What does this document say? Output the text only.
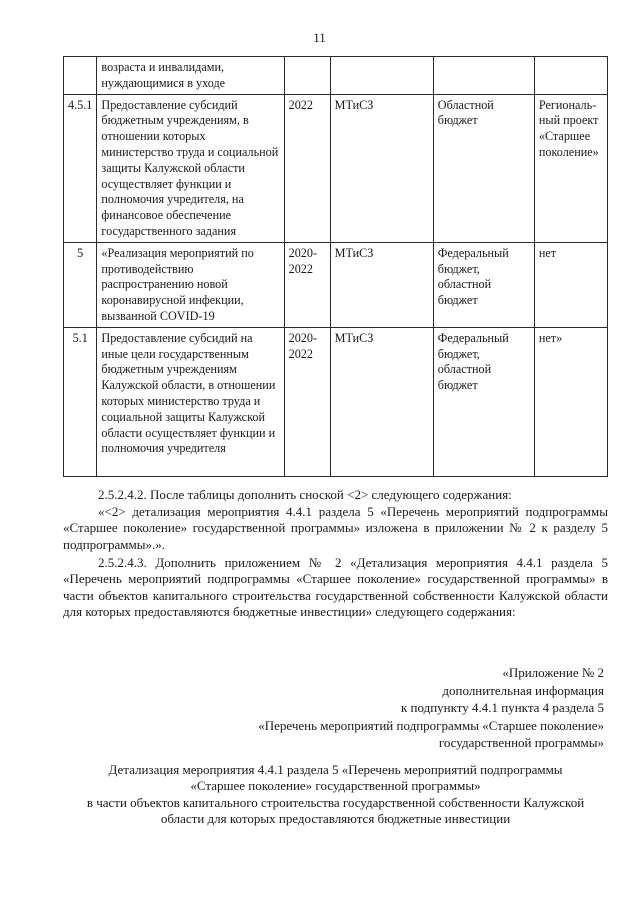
11
	возраста и инвалидами, нуждающимися в уходе				
4.5.1	Предоставление субсидий бюджетным учреждениям, в отношении которых министерство труда и социальной защиты Калужской области осуществляет функции и полномочия учредителя, на финансовое обеспечение государственного задания	2022	МТиСЗ	Областной бюджет	Региональ-ный проект «Старшее поколение»
5	«Реализация мероприятий по противодействию распространению новой коронавирусной инфекции, вызванной COVID-19	2020-2022	МТиСЗ	Федеральный бюджет, областной бюджет	нет
5.1	Предоставление субсидий на иные цели государственным бюджетным учреждениям Калужской области, в отношении которых министерство труда и социальной защиты Калужской области осуществляет функции и полномочия учредителя	2020-2022	МТиСЗ	Федеральный бюджет, областной бюджет	нет»
2.5.2.4.2. После таблицы дополнить сноской <2> следующего содержания:
«<2> детализация мероприятия 4.4.1 раздела 5 «Перечень мероприятий подпрограммы «Старшее поколение» государственной программы» изложена в приложении № 2 к разделу 5 подпрограммы».».
2.5.2.4.3. Дополнить приложением № 2 «Детализация мероприятия 4.4.1 раздела 5 «Перечень мероприятий подпрограммы «Старшее поколение» государственной программы» в части объектов капитального строительства государственной собственности Калужской области для которых предоставляются бюджетные инвестиции» следующего содержания:
«Приложение № 2
дополнительная информация
к подпункту 4.4.1 пункта 4 раздела 5
«Перечень мероприятий подпрограммы «Старшее поколение»
государственной программы»
Детализация мероприятия 4.4.1 раздела 5 «Перечень мероприятий подпрограммы
«Старшее поколение» государственной программы»
в части объектов капитального строительства государственной собственности Калужской
области для которых предоставляются бюджетные инвестиции
